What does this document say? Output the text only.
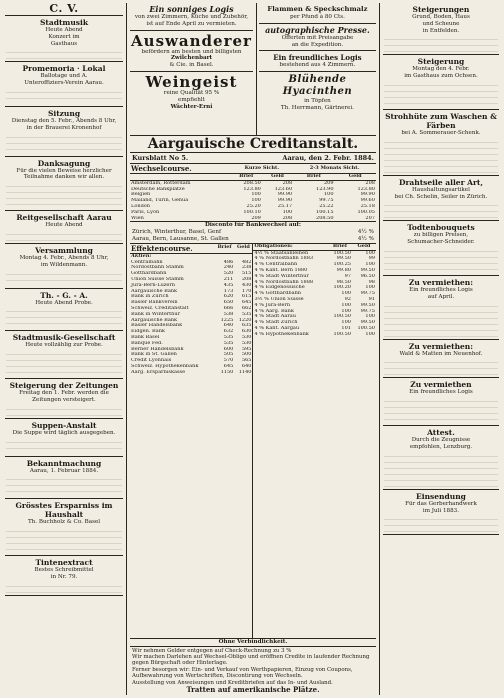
C. V.
Stadtmusik
Heute Abend
Konzert im
Gasthaus
Promemoria · Lokal
Ballotage und A.
Unteroffiziers-Verein Aarau.
Sitzung
Dienstag den 5. Febr., Abends 8 Uhr,
in der Brauerei Kronenhof
Danksagung
Für die vielen Beweise herzlicher
Teilnahme danken wir allen.
Reitgesellschaft Aarau
Heute Abend
Versammlung
Montag 4. Febr., Abends 8 Uhr,
im Wildenmann.
Th. - G. - A.
Heute Abend Probe.
Stadtmusik-Gesellschaft
Heute vollzählig zur Probe.
Steigerung der Zeitungen
Freitag den 1. Febr. werden die
Zeitungen versteigert.
Suppen-Anstalt
Die Suppe wird täglich ausgegeben.
Bekanntmachung
Aarau, 1. Februar 1884.
Grösstes Ersparniss im Haushalt
Th. Buchholz & Co. Basel
Tintenextract
Bestes Schreibmittel
in Nr. 79.
Ein sonniges Logis
von zwei Zimmern, Küche und Zubehör,
ist auf Ende April zu vermieten.
Auswanderer
befördern am besten und billigsten
Zwilchenbart
& Cie. in Basel.
Weingeist
reine Qualität 95 %
empfiehlt
Wächter-Erni
Flammen & Speckschmalz
per Pfund à 80 Cts.
autographische Presse.
Offerten mit Preisangabe
an die Expedition.
Ein freundliches Logis
bestehend aus 4 Zimmern.
Blühende Hyacinthen
in Töpfen
Th. Herrmann, Gärtnerei.
Aargauische Creditanstalt.
Kursblatt No 5.	Aarau, den 2. Febr. 1884.
Wechselcourse.	Kurze Sicht.		2-3 Monats Sicht.	
	Brief	Geld	Brief	Geld
Amsterdam, Rotterdam	208.50	208	209	208
Deutsche Bankplätze	123.80	123.60	123.90	123.80
Belgien	100	99.90	100	99.90
Mailand, Turin, Genua	100	99.90	99.75	99.60
London	25.20	25.17	25.22	25.18
Paris, Lyon	100.10	100	100.15	100.05
Wien	209	208	208.50	207
Disconto für Bankwechsel auf:
Zürich, Winterthur, Basel, Genf	4½ %
Aarau, Bern, Lausanne, St. Gallen	4½ %
Effektencourse.	Brief	Geld
Aktien:		
Centralbahn	486	482
Nordostbahn Stamm	240	238
Gotthardbahn	520	515
Union Suisse Stamm	211	208
Jura-Bern-Luzern	435	430
Aargauische Bank	173	170
Bank in Zürich	620	615
Basler Bankverein	650	645
Schweiz. Creditanstalt	666	662
Bank in Winterthur	538	535
Aargauische Bank	1225	1220
Basler Handelsbank	640	635
Eidgen. Bank	632	630
Bank Basel	535	530
Banque Féd.	535	530
Berner Handelsbank	600	595
Bank in St. Gallen	505	500
Crédit Lyonnais	570	565
Schweiz. Hypothekenbank	645	640
Aarg. Ersparniskasse	1150	1140
Obligationen:	Brief	Geld
4½ % Staatsanleihen	100.50	100
4 % Nordostbahn 1883	99.50	99
4 % Centralbahn	100.25	100
4 % Kant. Bern 1880	99.80	99.50
4 % Stadt Winterthur	97	96.50
4 % Nordostbahn 1888	98.50	98
4 % Eidgenössische	100.20	100
4 % Gotthardbahn	100	99.75
3½ % Union Suisse	92	91
4 % Jura-Bern	100	99.50
4 % Aarg. Bank	100	99.75
4 % Stadt Aarau	100.50	100
4 % Stadt Zürich	100	99.50
4 % Kant. Aargau	101	100.50
4 % Hypothekenbank	100.50	100
Ohne Verbindlichkeit.
Wir nehmen Gelder entgegen auf Check-Rechnung zu 3 %
Wir machen Darlehen auf Wechsel-Obligo und eröffnen Credite in laufender Rechnung gegen Bürgschaft oder Hinterlage.
Ferner besorgen wir: Ein- und Verkauf von Werthpapieren, Einzug von Coupons, Aufbewahrung von Wertschriften, Discontirung von Wechseln.
Ausstellung von Anweisungen und Kreditbriefen auf das In- und Ausland.
Tratten auf amerikanische Plätze.
Steigerungen
Grund, Boden, Haus
und Scheune
in Entfelden.
Steigerung
Montag den 4. Febr.
im Gasthaus zum Ochsen.
Strohhüte zum Waschen & Färben
bei A. Sommerauer-Schenk.
Drahtseile aller Art,
Haushaltungsartikel
bei Ch. Schelin, Seiler in Zürich.
Todtenbouquets
zu billigen Preisen,
Schumacher-Schneider.
Zu vermiethen:
Ein freundliches Logis
auf April.
Zu vermiethen:
Wald & Matten im Neuenhof.
Zu vermiethen
Ein freundliches Logis
Attest.
Durch die Zeugnisse
empfohlen, Lenzburg.
Einsendung
Für das Gerberhandwerk
im Juli 1883.
